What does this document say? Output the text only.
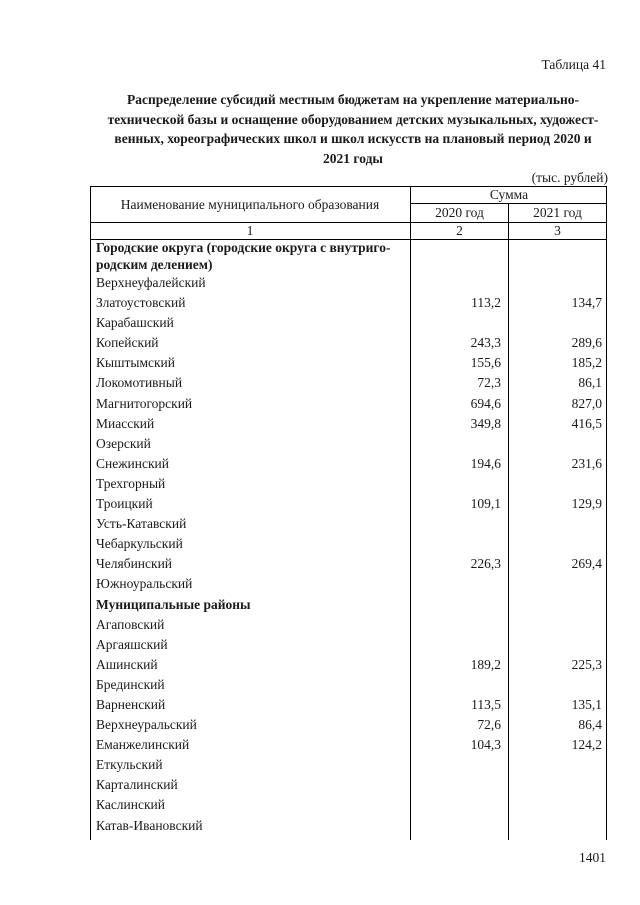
Таблица 41
Распределение субсидий местным бюджетам на укрепление материально-
технической базы и оснащение оборудованием детских музыкальных, художест-
венных, хореографических школ и школ искусств на плановый период 2020 и
2021 годы
(тыс. рублей)
Наименование муниципального образования
Сумма
2020 год	2021 год
1	2	3
Городские округа (городские округа с внутриго-
родским делением)
Верхнеуфалейский
Златоустовский	113,2	134,7
Карабашский
Копейский	243,3	289,6
Кыштымский	155,6	185,2
Локомотивный	72,3	86,1
Магнитогорский	694,6	827,0
Миасский	349,8	416,5
Озерский
Снежинский	194,6	231,6
Трехгорный
Троицкий	109,1	129,9
Усть-Катавский
Чебаркульский
Челябинский	226,3	269,4
Южноуральский
Муниципальные районы
Агаповский
Аргаяшский
Ашинский	189,2	225,3
Брединский
Варненский	113,5	135,1
Верхнеуральский	72,6	86,4
Еманжелинский	104,3	124,2
Еткульский
Карталинский
Каслинский
Катав-Ивановский
1401
